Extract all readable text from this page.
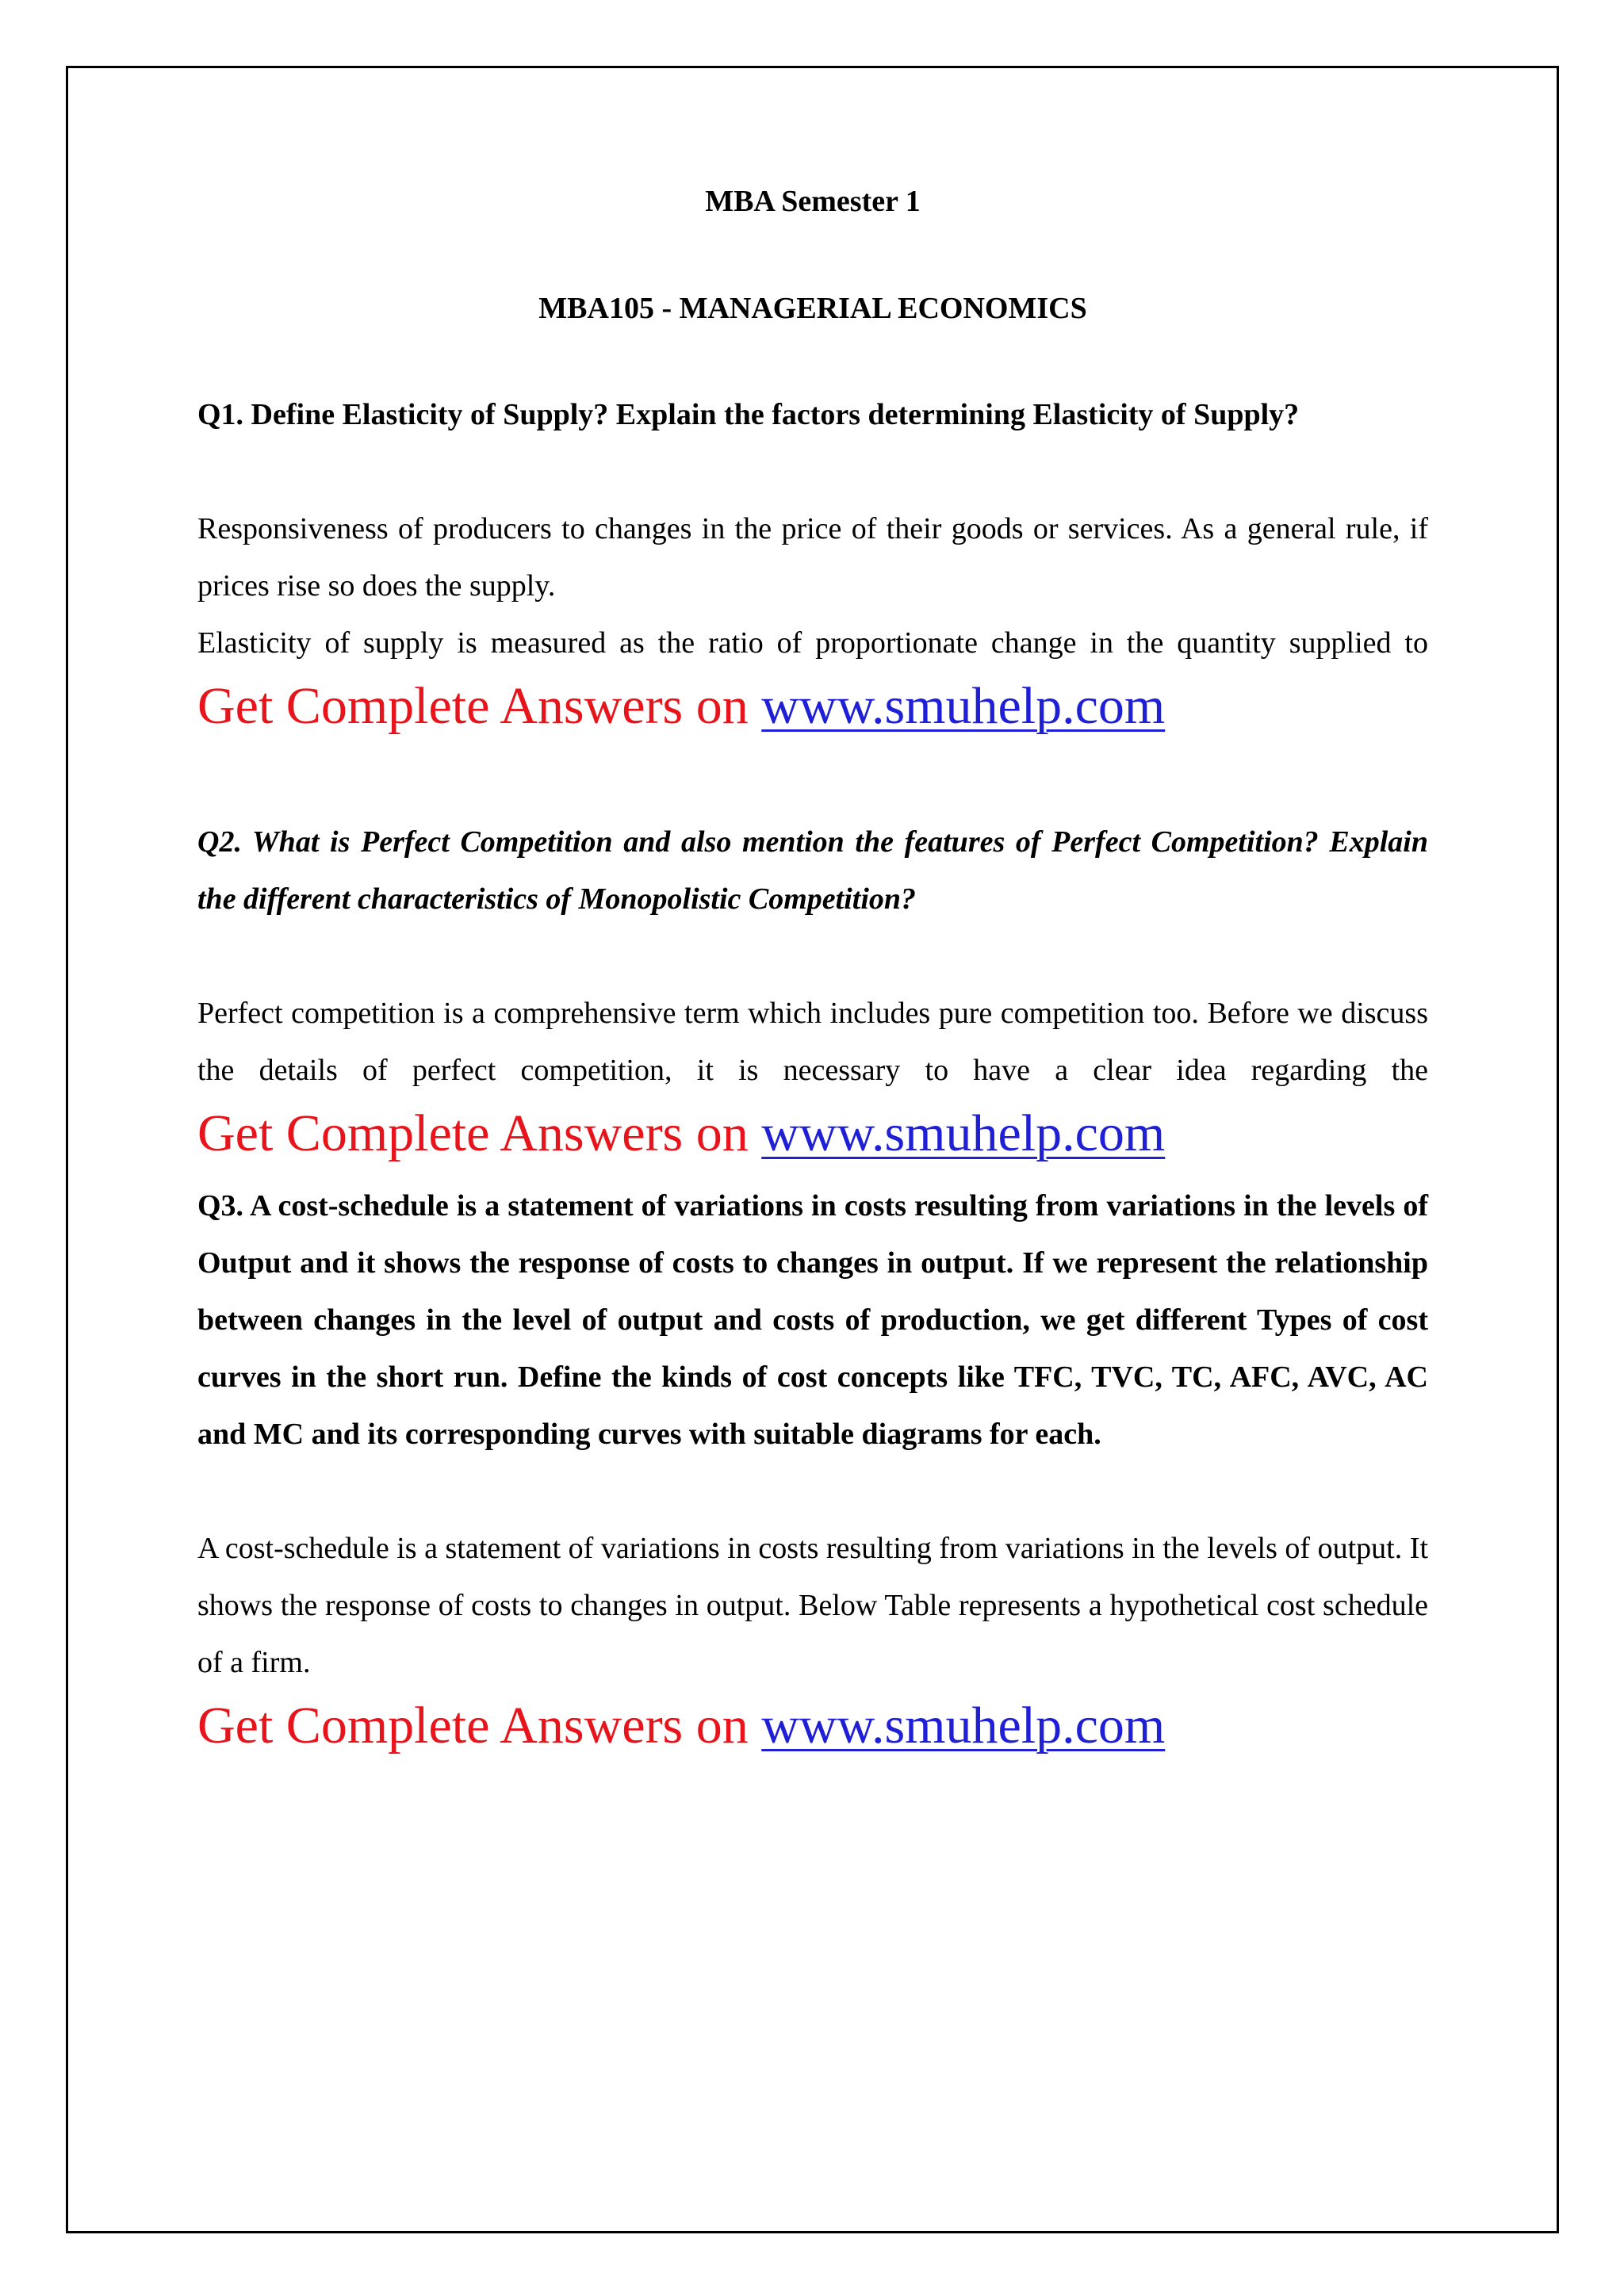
MBA Semester 1

MBA105 - MANAGERIAL ECONOMICS

Q1. Define Elasticity of Supply? Explain the factors determining Elasticity of Supply?

Responsiveness of producers to changes in the price of their goods or services. As a general rule, if prices rise so does the supply.

Elasticity of supply is measured as the ratio of proportionate change in the quantity supplied to

Get Complete Answers on www.smuhelp.com

Q2. What is Perfect Competition and also mention the features of Perfect Competition? Explain the different characteristics of Monopolistic Competition?

Perfect competition is a comprehensive term which includes pure competition too. Before we discuss the details of perfect competition, it is necessary to have a clear idea regarding the

Get Complete Answers on www.smuhelp.com

Q3. A cost-schedule is a statement of variations in costs resulting from variations in the levels of Output and it shows the response of costs to changes in output. If we represent the relationship between changes in the level of output and costs of production, we get different Types of cost curves in the short run. Define the kinds of cost concepts like TFC, TVC, TC, AFC, AVC, AC and MC and its corresponding curves with suitable diagrams for each.

A cost-schedule is a statement of variations in costs resulting from variations in the levels of output. It shows the response of costs to changes in output. Below Table represents a hypothetical cost schedule of a firm.

Get Complete Answers on www.smuhelp.com
